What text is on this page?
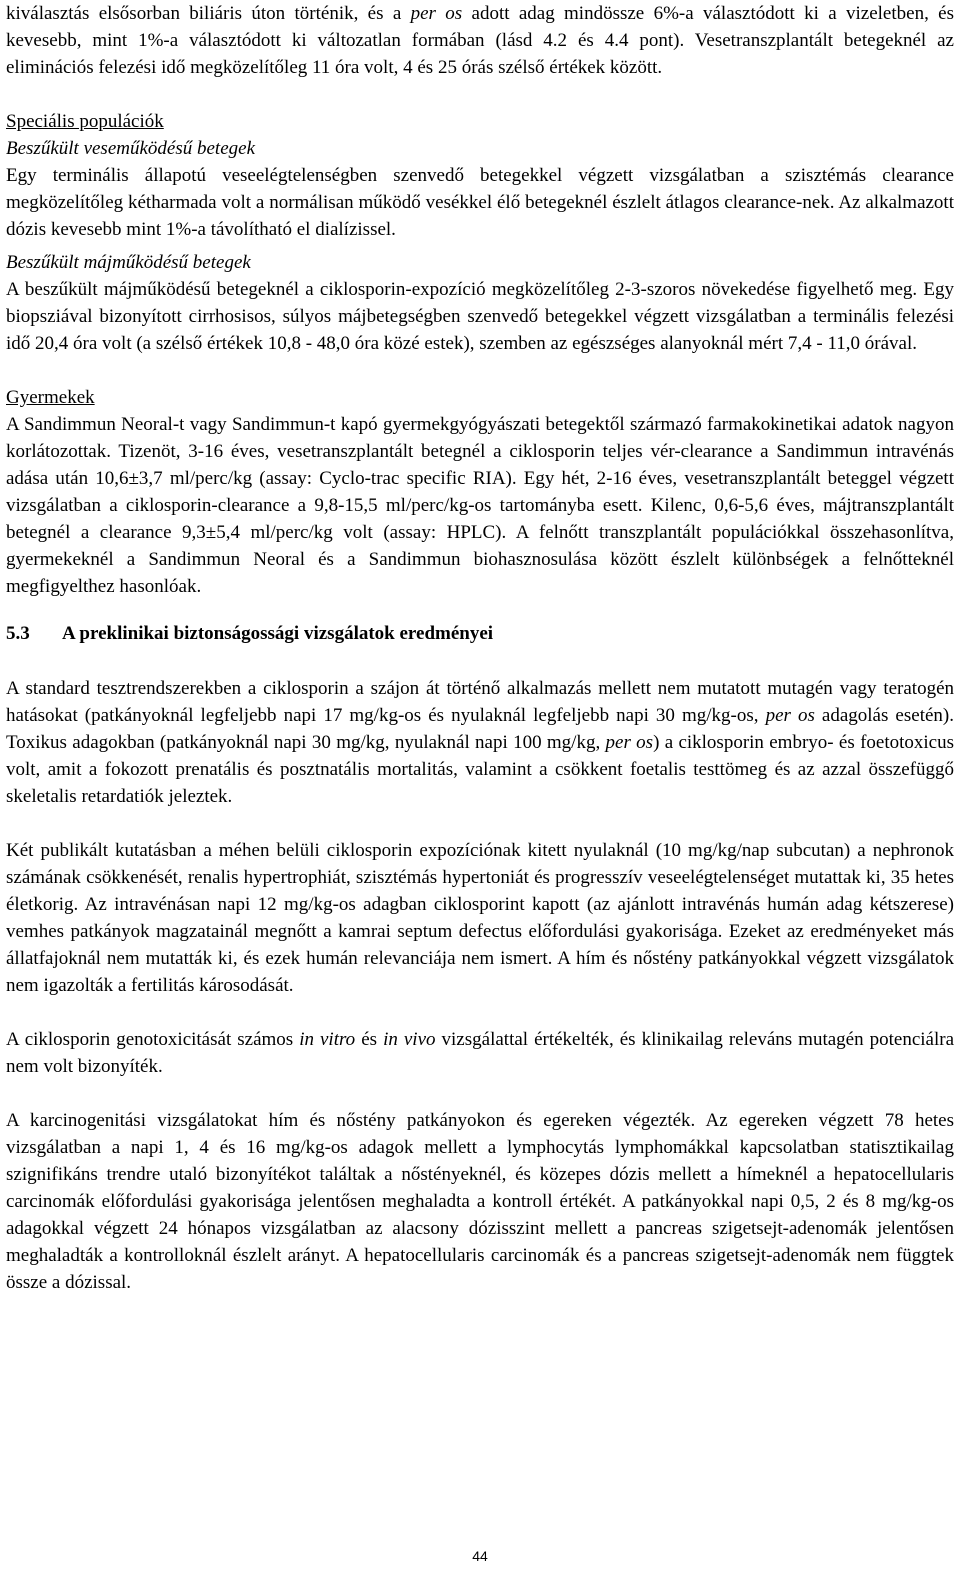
kiválasztás elsősorban biliáris úton történik, és a per os adott adag mindössze 6%-a választódott ki a vizeletben, és kevesebb, mint 1%-a választódott ki változatlan formában (lásd 4.2 és 4.4 pont). Vesetranszplantált betegeknél az eliminációs felezési idő megközelítőleg 11 óra volt, 4 és 25 órás szélső értékek között.

Speciális populációk

Beszűkült veseműködésű betegek

Egy terminális állapotú veseelégtelenségben szenvedő betegekkel végzett vizsgálatban a szisztémás clearance megközelítőleg kétharmada volt a normálisan működő vesékkel élő betegeknél észlelt átlagos clearance-nek. Az alkalmazott dózis kevesebb mint 1%-a távolítható el dialízissel.

Beszűkült májműködésű betegek

A beszűkült májműködésű betegeknél a ciklosporin-expozíció megközelítőleg 2-3-szoros növekedése figyelhető meg. Egy biopsziával bizonyított cirrhosisos, súlyos májbetegségben szenvedő betegekkel végzett vizsgálatban a terminális felezési idő 20,4 óra volt (a szélső értékek 10,8 - 48,0 óra közé estek), szemben az egészséges alanyoknál mért 7,4 - 11,0 órával.

Gyermekek

A Sandimmun Neoral-t vagy Sandimmun-t kapó gyermekgyógyászati betegektől származó farmakokinetikai adatok nagyon korlátozottak. Tizenöt, 3-16 éves, vesetranszplantált betegnél a ciklosporin teljes vér-clearance a Sandimmun intravénás adása után 10,6±3,7 ml/perc/kg (assay: Cyclo-trac specific RIA). Egy hét, 2-16 éves, vesetranszplantált beteggel végzett vizsgálatban a ciklosporin-clearance a 9,8-15,5 ml/perc/kg-os tartományba esett. Kilenc, 0,6-5,6 éves, májtranszplantált betegnél a clearance 9,3±5,4 ml/perc/kg volt (assay: HPLC). A felnőtt transzplantált populációkkal összehasonlítva, gyermekeknél a Sandimmun Neoral és a Sandimmun biohasznosulása között észlelt különbségek a felnőtteknél megfigyelthez hasonlóak.

5.3	A preklinikai biztonságossági vizsgálatok eredményei

A standard tesztrendszerekben a ciklosporin a szájon át történő alkalmazás mellett nem mutatott mutagén vagy teratogén hatásokat (patkányoknál legfeljebb napi 17 mg/kg-os és nyulaknál legfeljebb napi 30 mg/kg-os, per os adagolás esetén). Toxikus adagokban (patkányoknál napi 30 mg/kg, nyulaknál napi 100 mg/kg, per os) a ciklosporin embryo- és foetotoxicus volt, amit a fokozott prenatális és posztnatális mortalitás, valamint a csökkent foetalis testtömeg és az azzal összefüggő skeletalis retardatiók jeleztek.

Két publikált kutatásban a méhen belüli ciklosporin expozíciónak kitett nyulaknál (10 mg/kg/nap subcutan) a nephronok számának csökkenését, renalis hypertrophiát, szisztémás hypertoniát és progresszív veseelégtelenséget mutattak ki, 35 hetes életkorig. Az intravénásan napi 12 mg/kg-os adagban ciklosporint kapott (az ajánlott intravénás humán adag kétszerese) vemhes patkányok magzatainál megnőtt a kamrai septum defectus előfordulási gyakorisága. Ezeket az eredményeket más állatfajoknál nem mutatták ki, és ezek humán relevanciája nem ismert. A hím és nőstény patkányokkal végzett vizsgálatok nem igazolták a fertilitás károsodását.

A ciklosporin genotoxicitását számos in vitro és in vivo vizsgálattal értékelték, és klinikailag releváns mutagén potenciálra nem volt bizonyíték.

A karcinogenitási vizsgálatokat hím és nőstény patkányokon és egereken végezték. Az egereken végzett 78 hetes vizsgálatban a napi 1, 4 és 16 mg/kg-os adagok mellett a lymphocytás lymphomákkal kapcsolatban statisztikailag szignifikáns trendre utaló bizonyítékot találtak a nőstényeknél, és közepes dózis mellett a hímeknél a hepatocellularis carcinomák előfordulási gyakorisága jelentősen meghaladta a kontroll értékét. A patkányokkal napi 0,5, 2 és 8 mg/kg-os adagokkal végzett 24 hónapos vizsgálatban az alacsony dózisszint mellett a pancreas szigetsejt-adenomák jelentősen meghaladták a kontrolloknál észlelt arányt. A hepatocellularis carcinomák és a pancreas szigetsejt-adenomák nem függtek össze a dózissal.

44
